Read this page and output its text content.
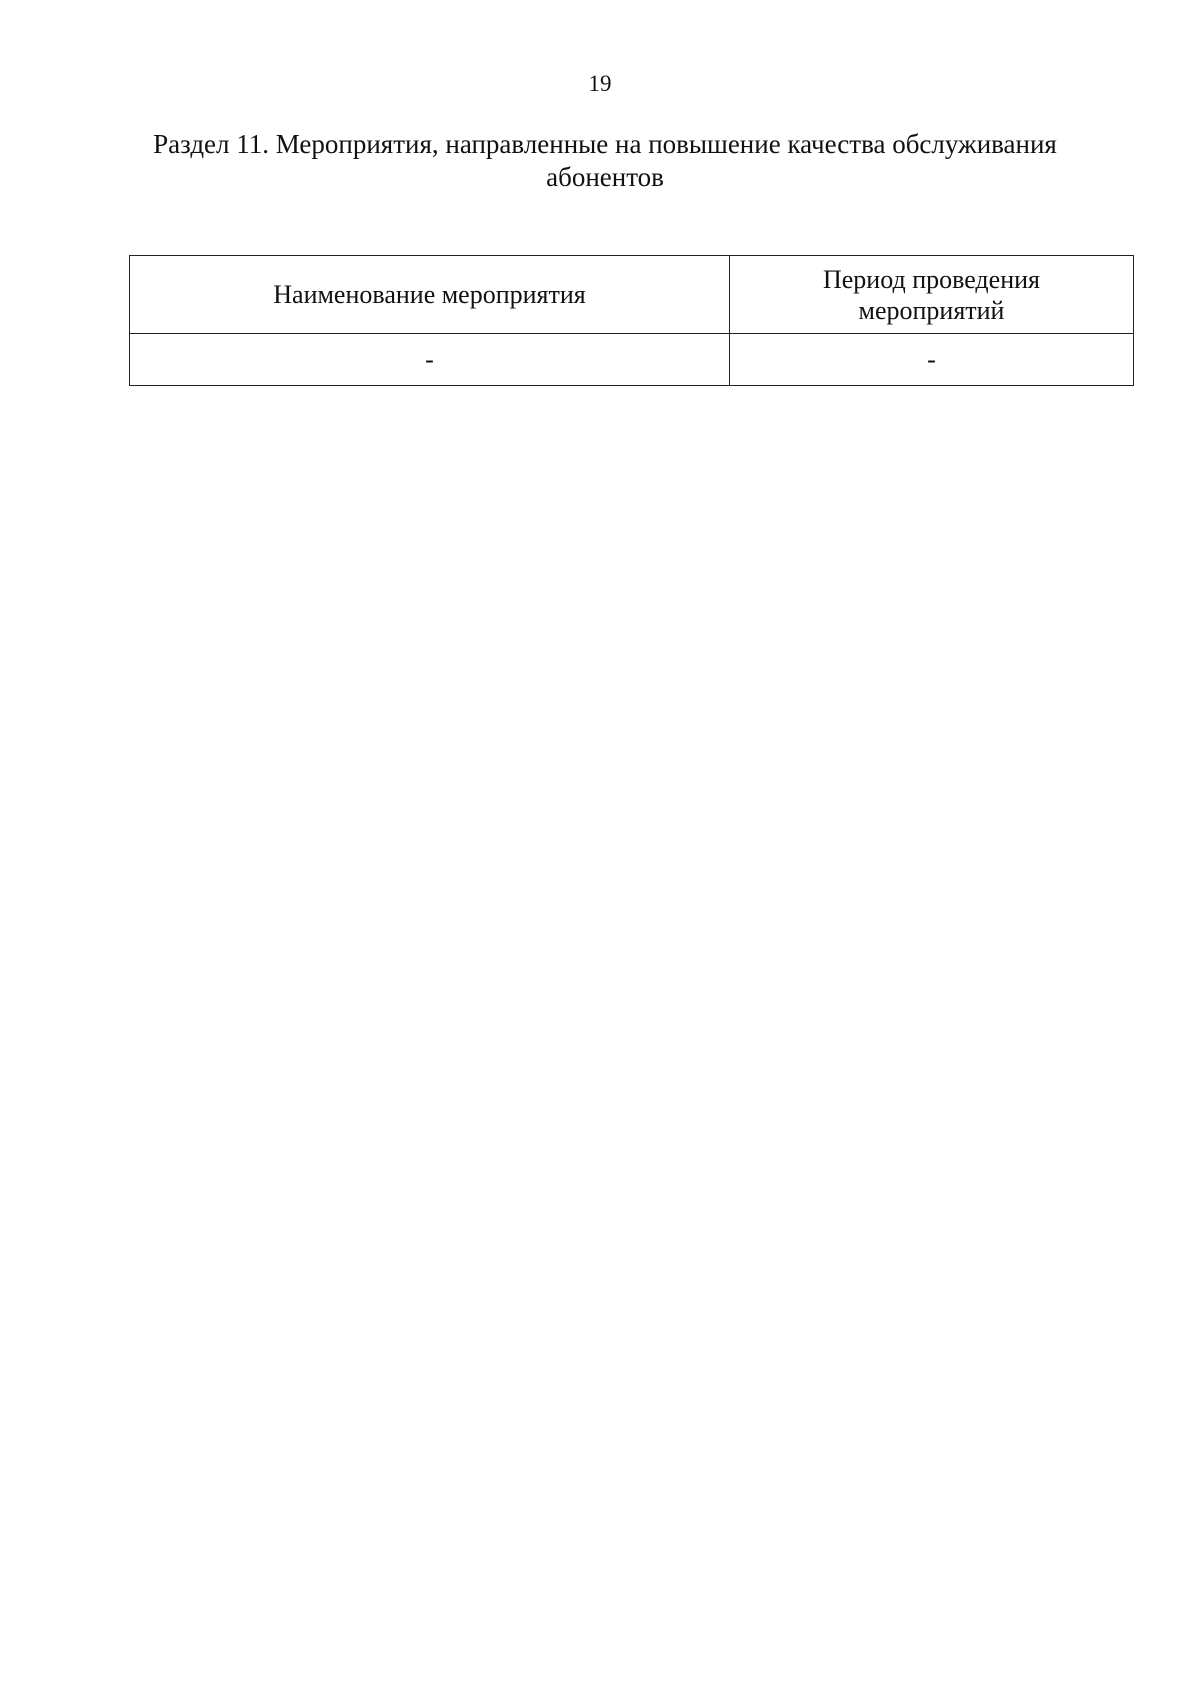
19
Раздел 11. Мероприятия, направленные на повышение качества обслуживания абонентов
Наименование мероприятия	Период проведения
мероприятий
-	-
